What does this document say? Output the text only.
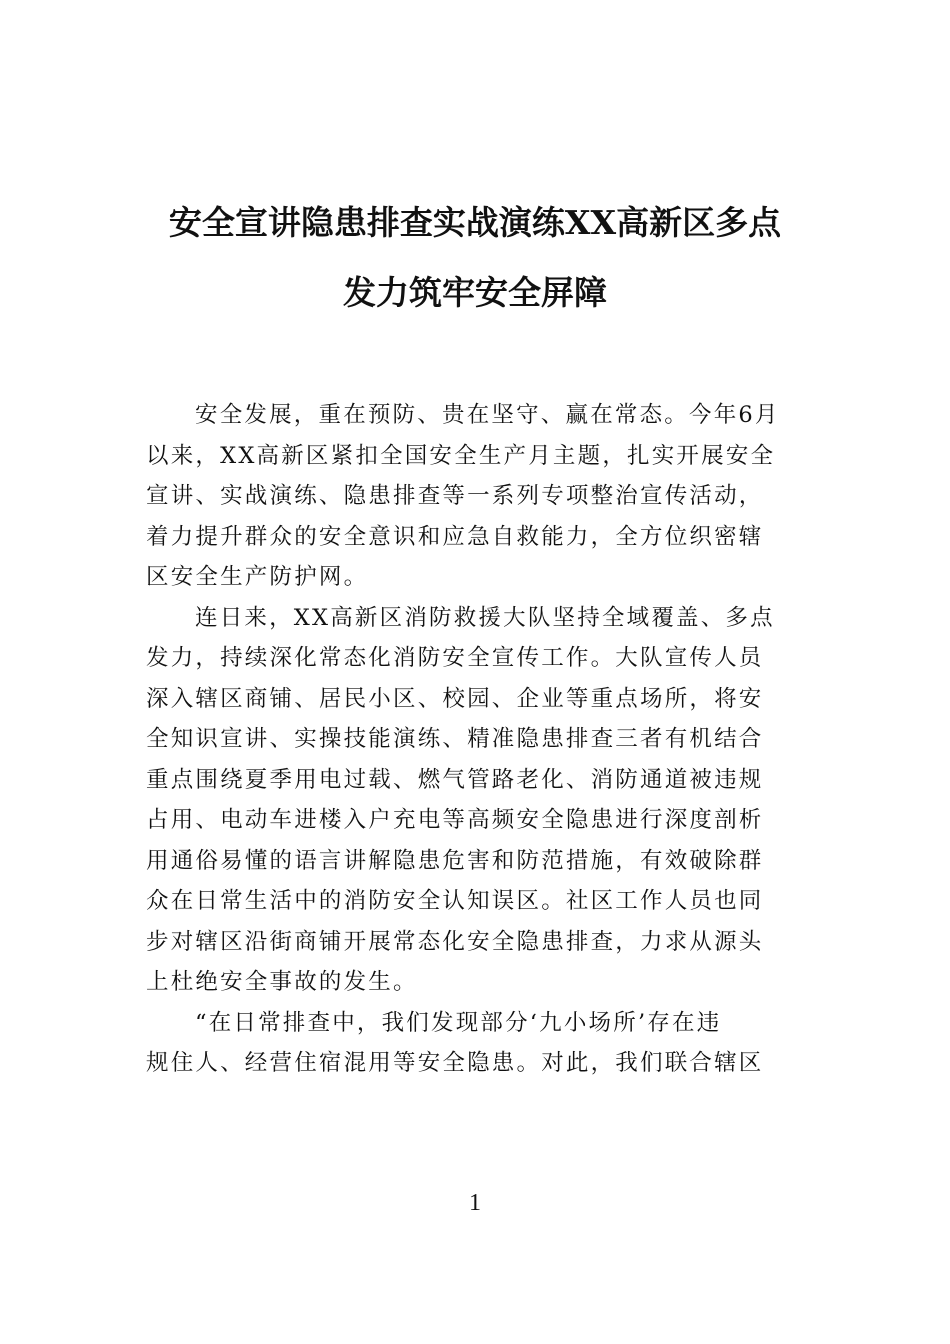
安全宣讲隐患排查实战演练XX高新区多点
发力筑牢安全屏障

安全发展，重在预防、贵在坚守、赢在常态。今年6月
以来，XX高新区紧扣全国安全生产月主题，扎实开展安全
宣讲、实战演练、隐患排查等一系列专项整治宣传活动，
着力提升群众的安全意识和应急自救能力，全方位织密辖
区安全生产防护网。

连日来，XX高新区消防救援大队坚持全域覆盖、多点
发力，持续深化常态化消防安全宣传工作。大队宣传人员
深入辖区商铺、居民小区、校园、企业等重点场所，将安
全知识宣讲、实操技能演练、精准隐患排查三者有机结合
重点围绕夏季用电过载、燃气管路老化、消防通道被违规
占用、电动车进楼入户充电等高频安全隐患进行深度剖析
用通俗易懂的语言讲解隐患危害和防范措施，有效破除群
众在日常生活中的消防安全认知误区。社区工作人员也同
步对辖区沿街商铺开展常态化安全隐患排查，力求从源头
上杜绝安全事故的发生。

“在日常排查中，我们发现部分‘九小场所’存在违
规住人、经营住宿混用等安全隐患。对此，我们联合辖区

1
